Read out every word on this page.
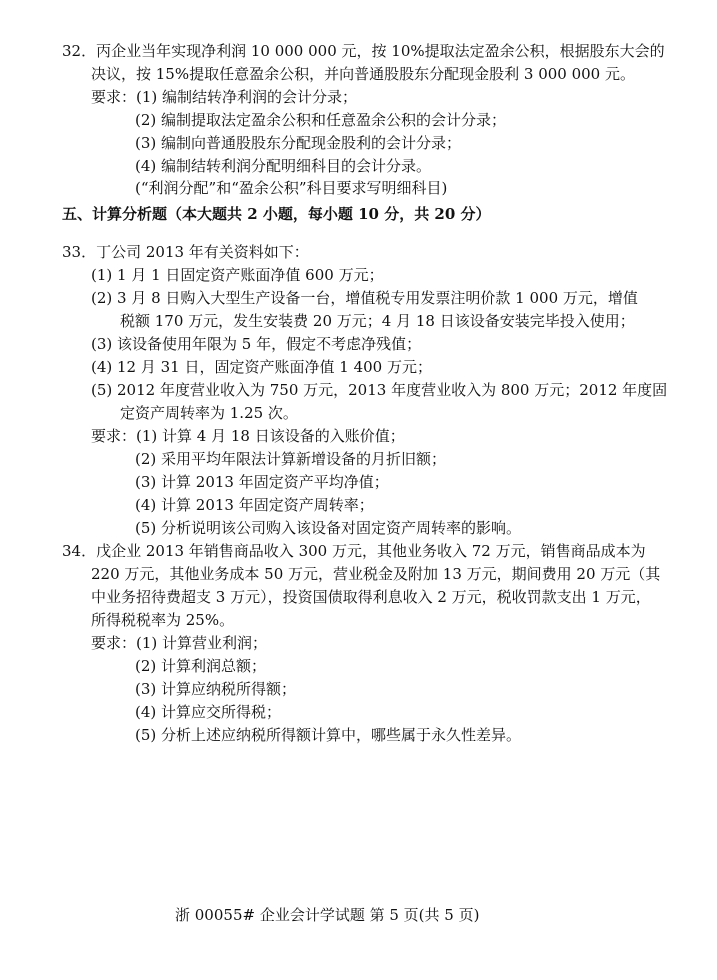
32．丙企业当年实现净利润 10 000 000 元，按 10%提取法定盈余公积，根据股东大会的
决议，按 15%提取任意盈余公积，并向普通股股东分配现金股利 3 000 000 元。
要求：(1) 编制结转净利润的会计分录；
(2) 编制提取法定盈余公积和任意盈余公积的会计分录；
(3) 编制向普通股股东分配现金股利的会计分录；
(4) 编制结转利润分配明细科目的会计分录。
(“利润分配”和“盈余公积”科目要求写明细科目)
五、计算分析题（本大题共 2 小题，每小题 10 分，共 20 分）
33．丁公司 2013 年有关资料如下：
(1) 1 月 1 日固定资产账面净值 600 万元；
(2) 3 月 8 日购入大型生产设备一台，增值税专用发票注明价款 1 000 万元，增值
税额 170 万元，发生安装费 20 万元；4 月 18 日该设备安装完毕投入使用；
(3) 该设备使用年限为 5 年，假定不考虑净残值；
(4) 12 月 31 日，固定资产账面净值 1 400 万元；
(5) 2012 年度营业收入为 750 万元，2013 年度营业收入为 800 万元；2012 年度固
定资产周转率为 1.25 次。
要求：(1) 计算 4 月 18 日该设备的入账价值；
(2) 采用平均年限法计算新增设备的月折旧额；
(3) 计算 2013 年固定资产平均净值；
(4) 计算 2013 年固定资产周转率；
(5) 分析说明该公司购入该设备对固定资产周转率的影响。
34．戊企业 2013 年销售商品收入 300 万元，其他业务收入 72 万元，销售商品成本为
220 万元，其他业务成本 50 万元，营业税金及附加 13 万元，期间费用 20 万元（其
中业务招待费超支 3 万元），投资国债取得利息收入 2 万元，税收罚款支出 1 万元，
所得税税率为 25%。
要求：(1) 计算营业利润；
(2) 计算利润总额；
(3) 计算应纳税所得额；
(4) 计算应交所得税；
(5) 分析上述应纳税所得额计算中，哪些属于永久性差异。
浙 00055# 企业会计学试题 第 5 页(共 5 页)
